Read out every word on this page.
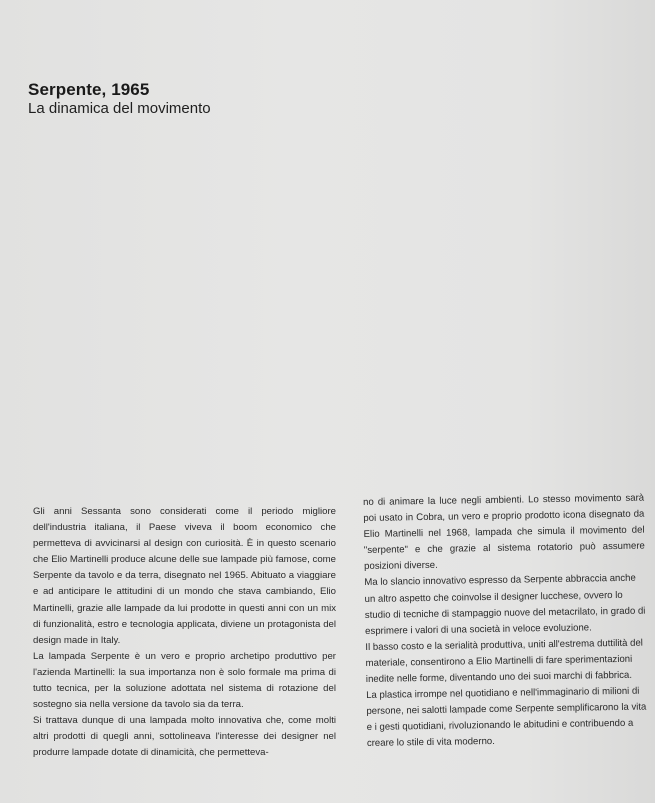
Serpente, 1965
La dinamica del movimento

Gli anni Sessanta sono considerati come il periodo migliore dell'industria italiana, il Paese viveva il boom economico che permetteva di avvicinarsi al design con curiosità. È in questo scenario che Elio Martinelli produce alcune delle sue lampade più famose, come Serpente da tavolo e da terra, disegnato nel 1965. Abituato a viaggiare e ad anticipare le attitudini di un mondo che stava cambiando, Elio Martinelli, grazie alle lampade da lui prodotte in questi anni con un mix di funzionalità, estro e tecnologia applicata, diviene un protagonista del design made in Italy.

La lampada Serpente è un vero e proprio archetipo produttivo per l'azienda Martinelli: la sua importanza non è solo formale ma prima di tutto tecnica, per la soluzione adottata nel sistema di rotazione del sostegno sia nella versione da tavolo sia da terra.

Si trattava dunque di una lampada molto innovativa che, come molti altri prodotti di quegli anni, sottolineava l'interesse dei designer nel produrre lampade dotate di dinamicità, che permetteva-

no di animare la luce negli ambienti. Lo stesso movimento sarà poi usato in Cobra, un vero e proprio prodotto icona disegnato da Elio Martinelli nel 1968, lampada che simula il movimento del "serpente" e che grazie al sistema rotatorio può assumere posizioni diverse.

Ma lo slancio innovativo espresso da Serpente abbraccia anche un altro aspetto che coinvolse il designer lucchese, ovvero lo studio di tecniche di stampaggio nuove del metacrilato, in grado di esprimere i valori di una società in veloce evoluzione.

Il basso costo e la serialità produttiva, uniti all'estrema duttilità del materiale, consentirono a Elio Martinelli di fare sperimentazioni inedite nelle forme, diventando uno dei suoi marchi di fabbrica.

La plastica irrompe nel quotidiano e nell'immaginario di milioni di persone, nei salotti lampade come Serpente semplificarono la vita e i gesti quotidiani, rivoluzionando le abitudini e contribuendo a creare lo stile di vita moderno.
